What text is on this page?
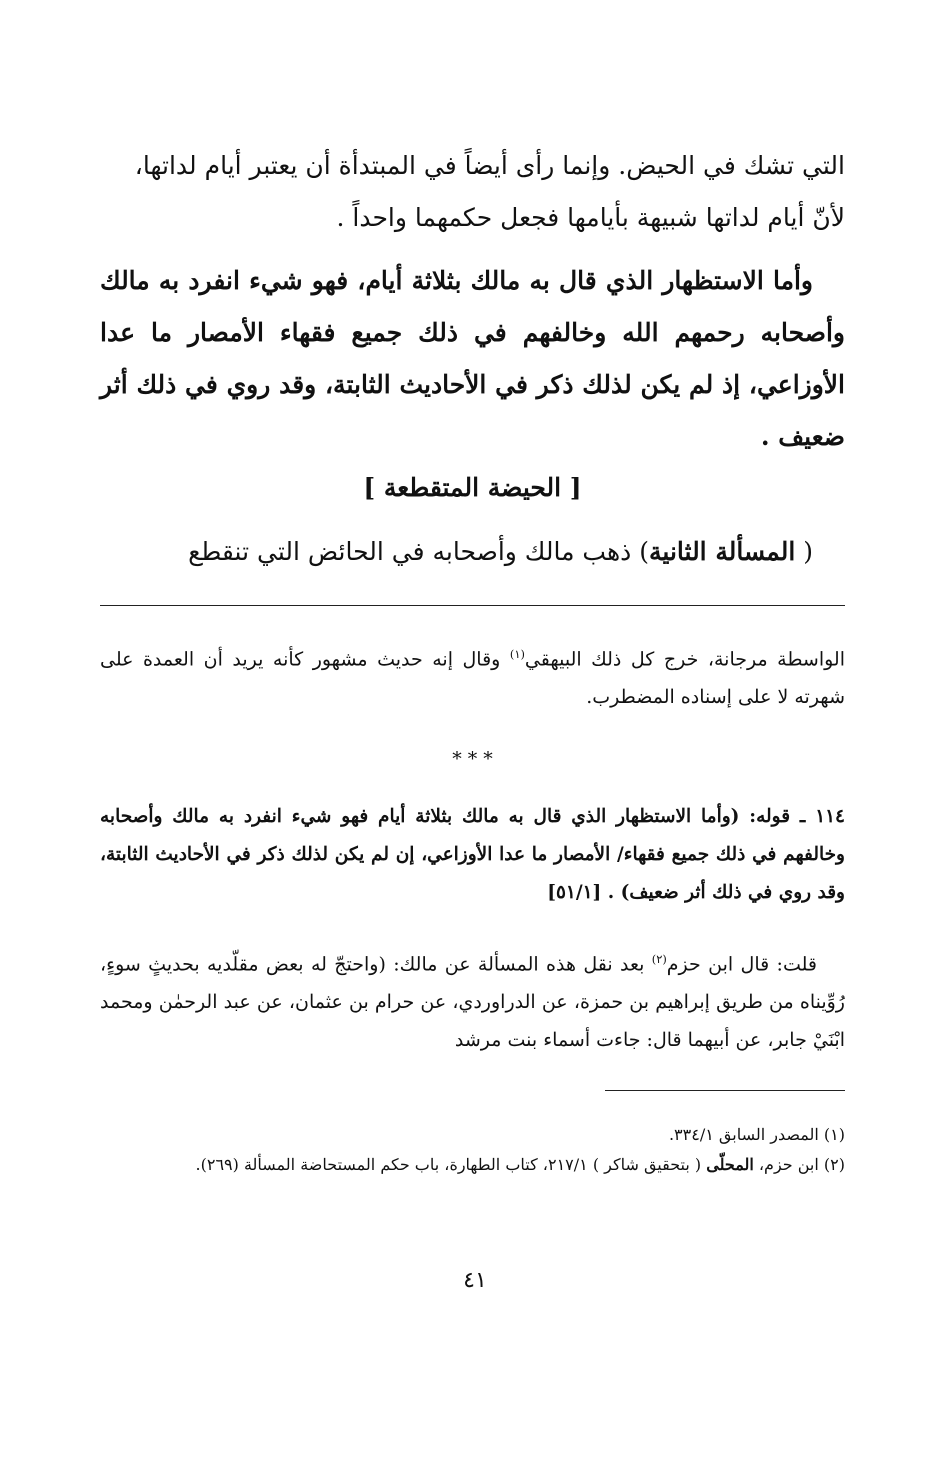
التي تشك في الحيض. وإنما رأى أيضاً في المبتدأة أن يعتبر أيام لداتها،

لأنّ أيام لداتها شبيهة بأيامها فجعل حكمهما واحداً .

وأما الاستظهار الذي قال به مالك بثلاثة أيام، فهو شيء انفرد به مالك وأصحابه رحمهم الله وخالفهم في ذلك جميع فقهاء الأمصار ما عدا الأوزاعي، إذ لم يكن لذلك ذكر في الأحاديث الثابتة، وقد روي في ذلك أثر ضعيف .

[ الحيضة المتقطعة ]

( المسألة الثانية) ذهب مالك وأصحابه في الحائض التي تنقطع

الواسطة مرجانة، خرج كل ذلك البيهقي$^{(١)}$ وقال إنه حديث مشهور كأنه يريد أن العمدة على شهرته لا على إسناده المضطرب.

* * *

١١٤ ـ قوله: (وأما الاستظهار الذي قال به مالك بثلاثة أيام فهو شيء انفرد به مالك وأصحابه وخالفهم في ذلك جميع فقهاء/ الأمصار ما عدا الأوزاعي، إن لم يكن لذلك ذكر في الأحاديث الثابتة، وقد روي في ذلك أثر ضعيف) . [٥١/١]

قلت: قال ابن حزم$^{(٢)}$ بعد نقل هذه المسألة عن مالك: (واحتجّ له بعض مقلّديه بحديثٍ سوءٍ، رُوِّيناه من طريق إبراهيم بن حمزة، عن الدراوردي، عن حرام بن عثمان، عن عبد الرحمٰن ومحمد ابْنَيْ جابر، عن أبيهما قال: جاءت أسماء بنت مرشد

(١) المصدر السابق ٣٣٤/١.

(٢) ابن حزم، المحلّى ( بتحقيق شاكر ) ٢١٧/١، كتاب الطهارة، باب حكم المستحاضة المسألة (٢٦٩).

٤١
